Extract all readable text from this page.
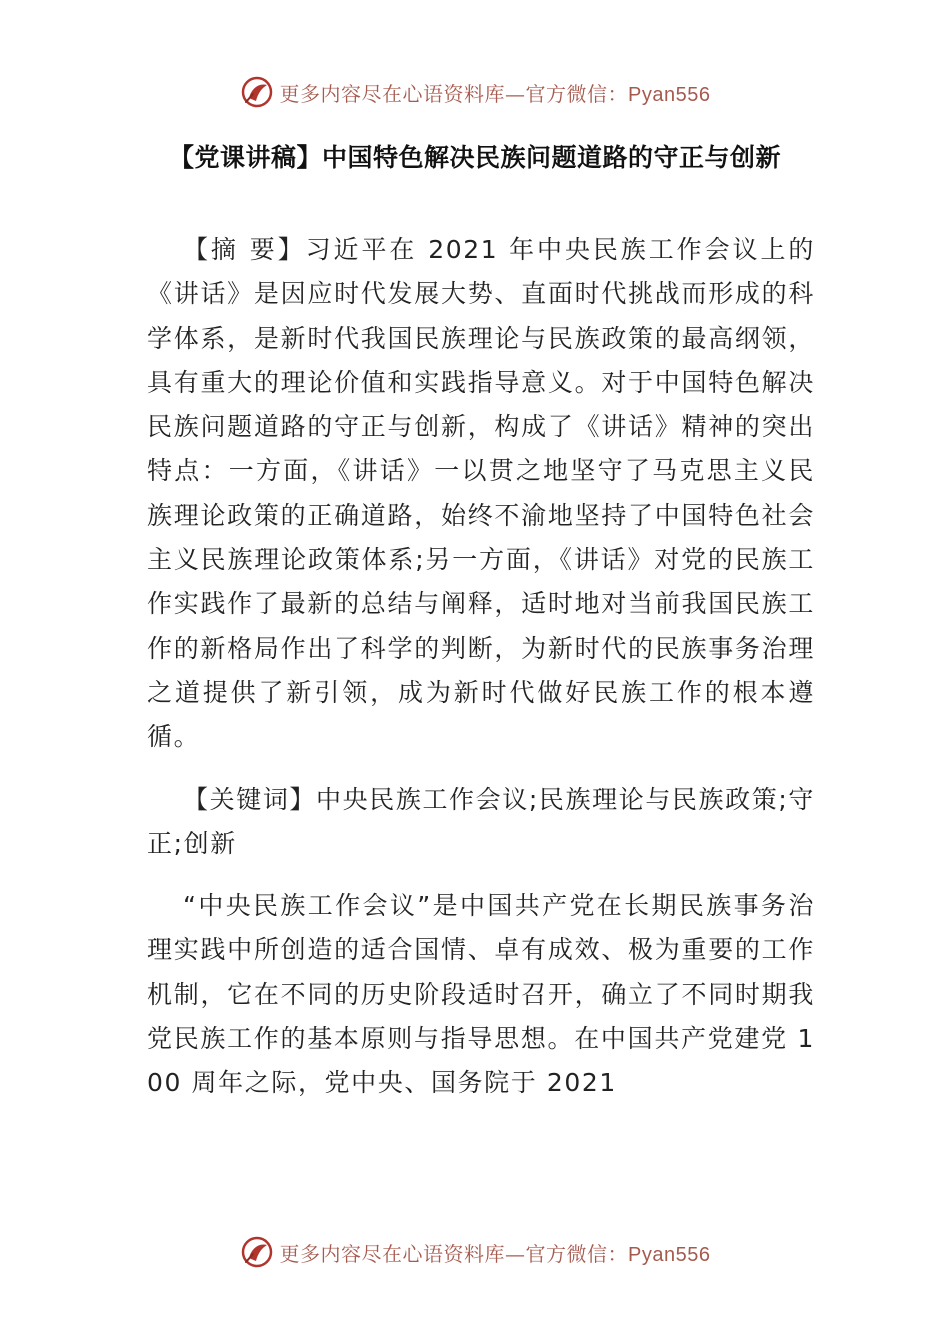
更多内容尽在心语资料库—官方微信：Pyan556
【党课讲稿】中国特色解决民族问题道路的守正与创新

【摘 要】习近平在 2021 年中央民族工作会议上的《讲话》是因应时代发展大势、直面时代挑战而形成的科学体系，是新时代我国民族理论与民族政策的最高纲领，具有重大的理论价值和实践指导意义。对于中国特色解决民族问题道路的守正与创新，构成了《讲话》精神的突出特点：一方面，《讲话》一以贯之地坚守了马克思主义民族理论政策的正确道路，始终不渝地坚持了中国特色社会主义民族理论政策体系;另一方面，《讲话》对党的民族工作实践作了最新的总结与阐释，适时地对当前我国民族工作的新格局作出了科学的判断，为新时代的民族事务治理之道提供了新引领，成为新时代做好民族工作的根本遵循。

【关键词】中央民族工作会议;民族理论与民族政策;守正;创新

“中央民族工作会议”是中国共产党在长期民族事务治理实践中所创造的适合国情、卓有成效、极为重要的工作机制，它在不同的历史阶段适时召开，确立了不同时期我党民族工作的基本原则与指导思想。在中国共产党建党 100 周年之际，党中央、国务院于 2021

更多内容尽在心语资料库—官方微信：Pyan556
